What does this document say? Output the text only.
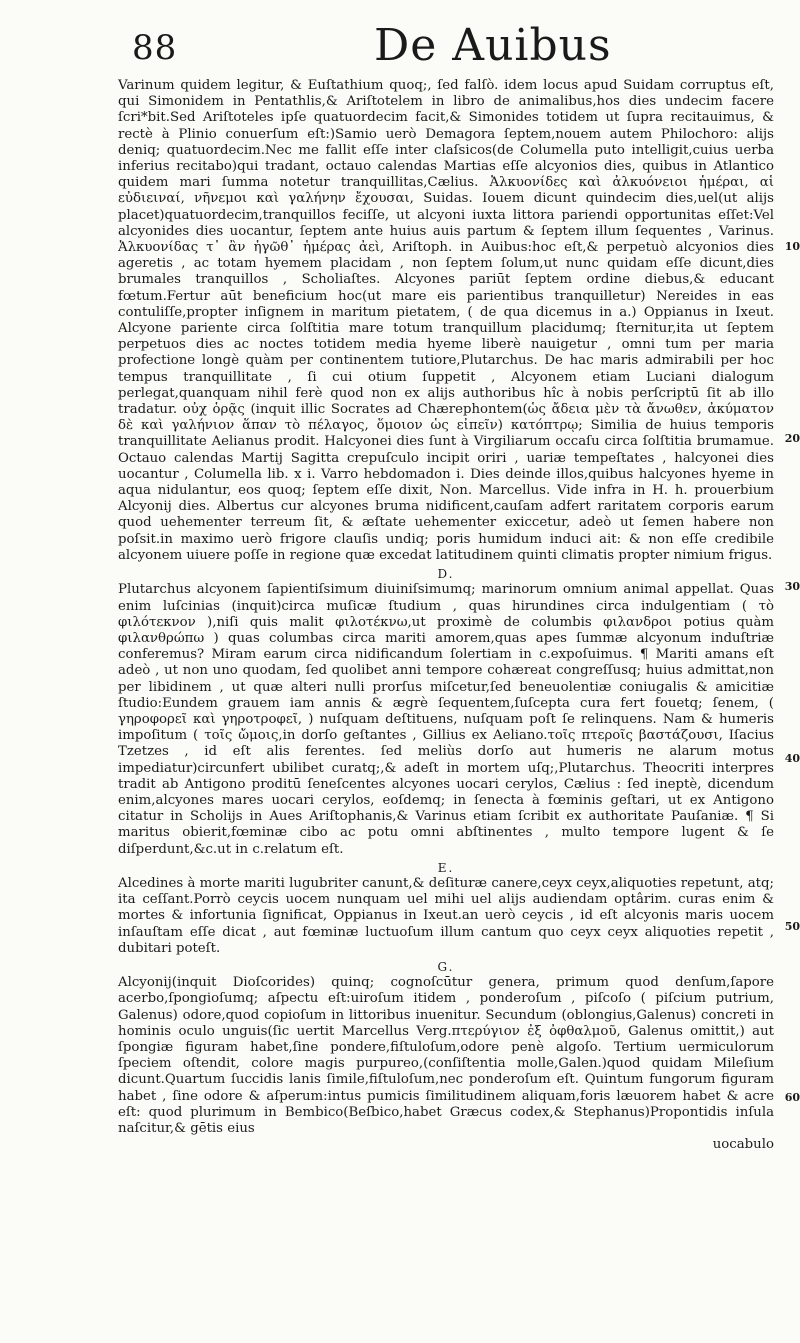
88	De Auibus

Varinum quidem legitur, & Euſtathium quoq;, ſed falſò. idem locus apud Suidam corruptus eſt, qui Simonidem in Pentathlis,& Ariſtotelem in libro de animalibus,hos dies undecim facere ſcri*bit.Sed Ariſtoteles ipſe quatuordecim facit,& Simonides totidem ut ſupra recitauimus, & rectè à Plinio conuerſum eſt:)Samio uerò Demagora ſeptem,nouem autem Philochoro: alijs deniq; quatuordecim.Nec me fallit eſſe inter claſsicos(de Columella puto intelligit,cuius uerba inferius recitabo)qui tradant, octauo calendas Martias eſſe alcyonios dies, quibus in Atlantico quidem mari ſumma notetur tranquillitas,Cælius. Ἀλκυονίδες καὶ ἀλκυόνειοι ἡμέραι, αἱ εὐδιειναί, νῆνεμοι καὶ γαλήνην ἔχουσαι, Suidas. Iouem dicunt quindecim dies,uel(ut alijs placet)quatuordecim,tranquillos feciſſe, ut alcyoni iuxta littora pariendi opportunitas eſſet:Vel alcyonides dies uocantur, ſeptem ante huius auis partum & ſeptem illum ſequentes , Varinus. Ἀλκυονίδας τ᾽ ἂν ἡγῶθ᾽ ἡμέρας ἀεὶ, Ariſtoph. in Auibus:hoc eſt,& perpetuò alcyonios dies ageretis , ac totam hyemem placidam , non ſeptem ſolum,ut nunc quidam eſſe dicunt,dies brumales tranquillos , Scholiaſtes. Alcyones pariūt ſeptem ordine diebus,& educant fœtum.Fertur aūt beneficium hoc(ut mare eis parientibus tranquilletur) Nereides in eas contuliſſe,propter inſignem in maritum pietatem, ( de qua dicemus in a.) Oppianus in Ixeut. Alcyone pariente circa ſolſtitia mare totum tranquillum placidumq; ſternitur,ita ut ſeptem perpetuos dies ac noctes totidem media hyeme liberè nauigetur , omni tum per maria profectione longè quàm per continentem tutiore,Plutarchus. De hac maris admirabili per hoc tempus tranquillitate , ſi cui otium ſuppetit , Alcyonem etiam Luciani dialogum perlegat,quanquam nihil ferè quod non ex alijs authoribus hîc à nobis perſcriptū ſit ab illo tradatur. οὐχ ὁρᾷς (inquit illic Socrates ad Chærephontem(ὡς ἄδεια μὲν τὰ ἄνωθεν, ἀκύματον δὲ καὶ γαλήνιον ἅπαν τὸ πέλαγος, ὅμοιον ὡς εἰπεῖν) κατόπτρῳ; Similia de huius temporis tranquillitate Aelianus prodit. Halcyonei dies ſunt à Virgiliarum occaſu circa ſolſtitia brumamue. Octauo calendas Martij Sagitta crepuſculo incipit oriri , uariæ tempeſtates , halcyonei dies uocantur , Columella lib. x i. Varro hebdomadon i. Dies deinde illos,quibus halcyones hyeme in aqua nidulantur, eos quoq; ſeptem eſſe dixit, Non. Marcellus. Vide infra in H. h. prouerbium Alcyonij dies. Albertus cur alcyones bruma nidificent,cauſam adfert raritatem corporis earum quod uehementer terreum ſit, & æſtate uehementer exiccetur, adeò ut ſemen habere non poſsit.in maximo uerò frigore clauſis undiq; poris humidum induci ait: & non eſſe credibile alcyonem uiuere poſſe in regione quæ excedat latitudinem quinti climatis propter nimium frigus.

D.

Plutarchus alcyonem ſapientiſsimum diuiniſsimumq; marinorum omnium animal appellat. Quas enim luſcinias (inquit)circa muſicæ ſtudium , quas hirundines circa indulgentiam ( τὸ φιλότεκνον ),niſi quis malit φιλοτέκνω,ut proximè de columbis φιλανδροι potius quàm φιλανθρώπω ) quas columbas circa mariti amorem,quas apes ſummæ alcyonum induſtriæ conferemus? Miram earum circa nidificandum ſolertiam in c.expoſuimus. ¶ Mariti amans eſt adeò , ut non uno quodam, ſed quolibet anni tempore cohæreat congreſſusq; huius admittat,non per libidinem , ut quæ alteri nulli prorſus miſcetur,ſed beneuolentiæ coniugalis & amicitiæ ſtudio:Eundem grauem iam annis & ægrè ſequentem,ſuſcepta cura fert fouetq; ſenem, ( γηροφορεῖ καὶ γηροτροφεῖ, ) nuſquam deſtituens, nuſquam poſt ſe relinquens. Nam & humeris impoſitum ( τοῖς ὤμοις,in dorſo geſtantes , Gillius ex Aeliano.τοῖς πτεροῖς βαστάζουσι, Iſacius Tzetzes , id eſt alis ferentes. ſed meliùs dorſo aut humeris ne alarum motus impediatur)circunfert ubilibet curatq;,& adeſt in mortem uſq;,Plutarchus. Theocriti interpres tradit ab Antigono proditū ſeneſcentes alcyones uocari cerylos, Cælius : ſed ineptè, dicendum enim,alcyones mares uocari cerylos, eoſdemq; in ſenecta à fœminis geſtari, ut ex Antigono citatur in Scholijs in Aues Ariſtophanis,& Varinus etiam ſcribit ex authoritate Pauſaniæ. ¶ Si maritus obierit,fœminæ cibo ac potu omni abſtinentes , multo tempore lugent & ſe diſperdunt,&c.ut in c.relatum eſt.

E.

Alcedines à morte mariti lugubriter canunt,& deſituræ canere,ceyx ceyx,aliquoties repetunt, atq; ita ceſſant.Porrò ceycis uocem nunquam uel mihi uel alijs audiendam optârim. curas enim & mortes & infortunia ſignificat, Oppianus in Ixeut.an uerò ceycis , id eſt alcyonis maris uocem inſauſtam eſſe dicat , aut fœminæ luctuoſum illum cantum quo ceyx ceyx aliquoties repetit , dubitari poteſt.

G.

Alcyonij(inquit Dioſcorides) quinq; cognoſcūtur genera, primum quod denſum,ſapore acerbo,ſpongioſumq; aſpectu eſt:uiroſum itidem , ponderoſum , piſcoſo ( piſcium putrium, Galenus) odore,quod copioſum in littoribus inuenitur. Secundum (oblongius,Galenus) concreti in hominis oculo unguis(ſic uertit Marcellus Verg.πτερύγιον ἐξ ὀφθαλμοῦ, Galenus omittit,) aut ſpongiæ figuram habet,ſine pondere,fiſtuloſum,odore penè algoſo. Tertium uermiculorum ſpeciem oſtendit, colore magis purpureo,(conſiſtentia molle,Galen.)quod quidam Mileſium dicunt.Quartum ſuccidis lanis ſimile,fiſtuloſum,nec ponderoſum eſt. Quintum fungorum figuram habet , ſine odore & aſperum:intus pumicis ſimilitudinem aliquam,foris læuorem habet & acre eſt: quod plurimum in Bembico(Beſbico,habet Græcus codex,& Stephanus)Propontidis inſula naſcitur,& gētis eius

uocabulo

10
20
30
40
50
60
